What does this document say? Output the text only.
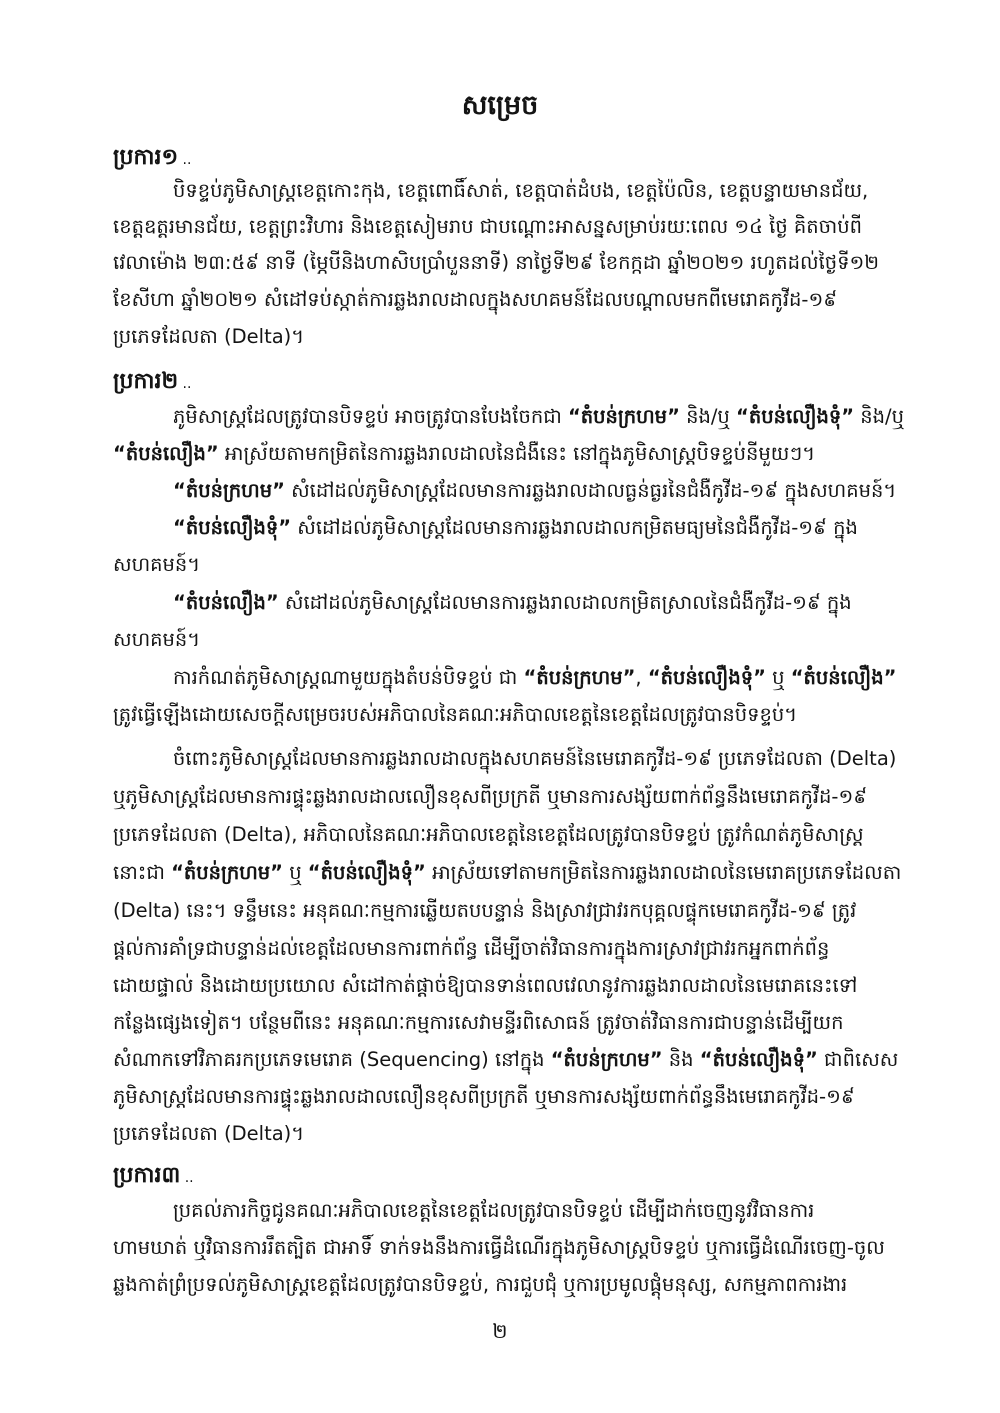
សម្រេច
ប្រការ១ ..
បិទខ្ទប់ភូមិសាស្ត្រខេត្តកោះកុង, ខេត្តពោធិ៍សាត់, ខេត្តបាត់ដំបង, ខេត្តប៉ៃលិន, ខេត្តបន្ទាយមានជ័យ,
ខេត្តឧត្តរមានជ័យ, ខេត្តព្រះវិហារ និងខេត្តសៀមរាប ជាបណ្តោះអាសន្នសម្រាប់រយៈពេល ១៤ ថ្ងៃ គិតចាប់ពី
វេលាម៉ោង ២៣:៥៩ នាទី (ម្ភៃបីនិងហាសិបប្រាំបួននាទី) នាថ្ងៃទី២៩ ខែកក្កដា ឆ្នាំ២០២១ រហូតដល់ថ្ងៃទី១២
ខែសីហា ឆ្នាំ២០២១ សំដៅទប់ស្កាត់ការឆ្លងរាលដាលក្នុងសហគមន៍ដែលបណ្តាលមកពីមេរោគកូវីដ-១៩
ប្រភេទដែលតា (Delta)។
ប្រការ២ ..
ភូមិសាស្ត្រដែលត្រូវបានបិទខ្ទប់ អាចត្រូវបានបែងចែកជា “តំបន់ក្រហម” និង/ឬ “តំបន់លឿងទុំ” និង/ឬ
“តំបន់លឿង” អាស្រ័យតាមកម្រិតនៃការឆ្លងរាលដាលនៃជំងឺនេះ នៅក្នុងភូមិសាស្ត្របិទខ្ទប់នីមួយៗ។
“តំបន់ក្រហម” សំដៅដល់ភូមិសាស្ត្រដែលមានការឆ្លងរាលដាលធ្ងន់ធ្ងរនៃជំងឺកូវីដ-១៩ ក្នុងសហគមន៍។
“តំបន់លឿងទុំ” សំដៅដល់ភូមិសាស្ត្រដែលមានការឆ្លងរាលដាលកម្រិតមធ្យមនៃជំងឺកូវីដ-១៩ ក្នុង
សហគមន៍។
“តំបន់លឿង” សំដៅដល់ភូមិសាស្ត្រដែលមានការឆ្លងរាលដាលកម្រិតស្រាលនៃជំងឺកូវីដ-១៩ ក្នុង
សហគមន៍។
ការកំណត់ភូមិសាស្ត្រណាមួយក្នុងតំបន់បិទខ្ទប់ ជា “តំបន់ក្រហម”, “តំបន់លឿងទុំ” ឬ “តំបន់លឿង”
ត្រូវធ្វើឡើងដោយសេចក្តីសម្រេចរបស់អភិបាលនៃគណៈអភិបាលខេត្តនៃខេត្តដែលត្រូវបានបិទខ្ទប់។
ចំពោះភូមិសាស្ត្រដែលមានការឆ្លងរាលដាលក្នុងសហគមន៍នៃមេរោគកូវីដ-១៩ ប្រភេទដែលតា (Delta)
ឬភូមិសាស្ត្រដែលមានការផ្ទុះឆ្លងរាលដាលលឿនខុសពីប្រក្រតី ឬមានការសង្ស័យពាក់ព័ន្ធនឹងមេរោគកូវីដ-១៩
ប្រភេទដែលតា (Delta), អភិបាលនៃគណៈអភិបាលខេត្តនៃខេត្តដែលត្រូវបានបិទខ្ទប់ ត្រូវកំណត់ភូមិសាស្ត្រ
នោះជា “តំបន់ក្រហម” ឬ “តំបន់លឿងទុំ” អាស្រ័យទៅតាមកម្រិតនៃការឆ្លងរាលដាលនៃមេរោគប្រភេទដែលតា
(Delta) នេះ។ ទន្ទឹមនេះ អនុគណៈកម្មការឆ្លើយតបបន្ទាន់ និងស្រាវជ្រាវរកបុគ្គលផ្ទុកមេរោគកូវីដ-១៩ ត្រូវ
ផ្តល់ការគាំទ្រជាបន្ទាន់ដល់ខេត្តដែលមានការពាក់ព័ន្ធ ដើម្បីចាត់វិធានការក្នុងការស្រាវជ្រាវរកអ្នកពាក់ព័ន្ធ
ដោយផ្ទាល់ និងដោយប្រយោល សំដៅកាត់ផ្តាច់ឱ្យបានទាន់ពេលវេលានូវការឆ្លងរាលដាលនៃមេរោគនេះទៅ
កន្លែងផ្សេងទៀត។ បន្ថែមពីនេះ អនុគណៈកម្មការសេវាមន្ទីរពិសោធន៍ ត្រូវចាត់វិធានការជាបន្ទាន់ដើម្បីយក
សំណាកទៅវិភាគរកប្រភេទមេរោគ (Sequencing) នៅក្នុង “តំបន់ក្រហម” និង “តំបន់លឿងទុំ” ជាពិសេស
ភូមិសាស្ត្រដែលមានការផ្ទុះឆ្លងរាលដាលលឿនខុសពីប្រក្រតី ឬមានការសង្ស័យពាក់ព័ន្ធនឹងមេរោគកូវីដ-១៩
ប្រភេទដែលតា (Delta)។
ប្រការ៣ ..
ប្រគល់ភារកិច្ចជូនគណៈអភិបាលខេត្តនៃខេត្តដែលត្រូវបានបិទខ្ទប់ ដើម្បីដាក់ចេញនូវវិធានការ
ហាមឃាត់ ឬវិធានការរឹតត្បិត ជាអាទិ៍ ទាក់ទងនឹងការធ្វើដំណើរក្នុងភូមិសាស្ត្របិទខ្ទប់ ឬការធ្វើដំណើរចេញ-ចូល
ឆ្លងកាត់ព្រំប្រទល់ភូមិសាស្ត្រខេត្តដែលត្រូវបានបិទខ្ទប់, ការជួបជុំ ឬការប្រមូលផ្តុំមនុស្ស, សកម្មភាពការងារ
២
